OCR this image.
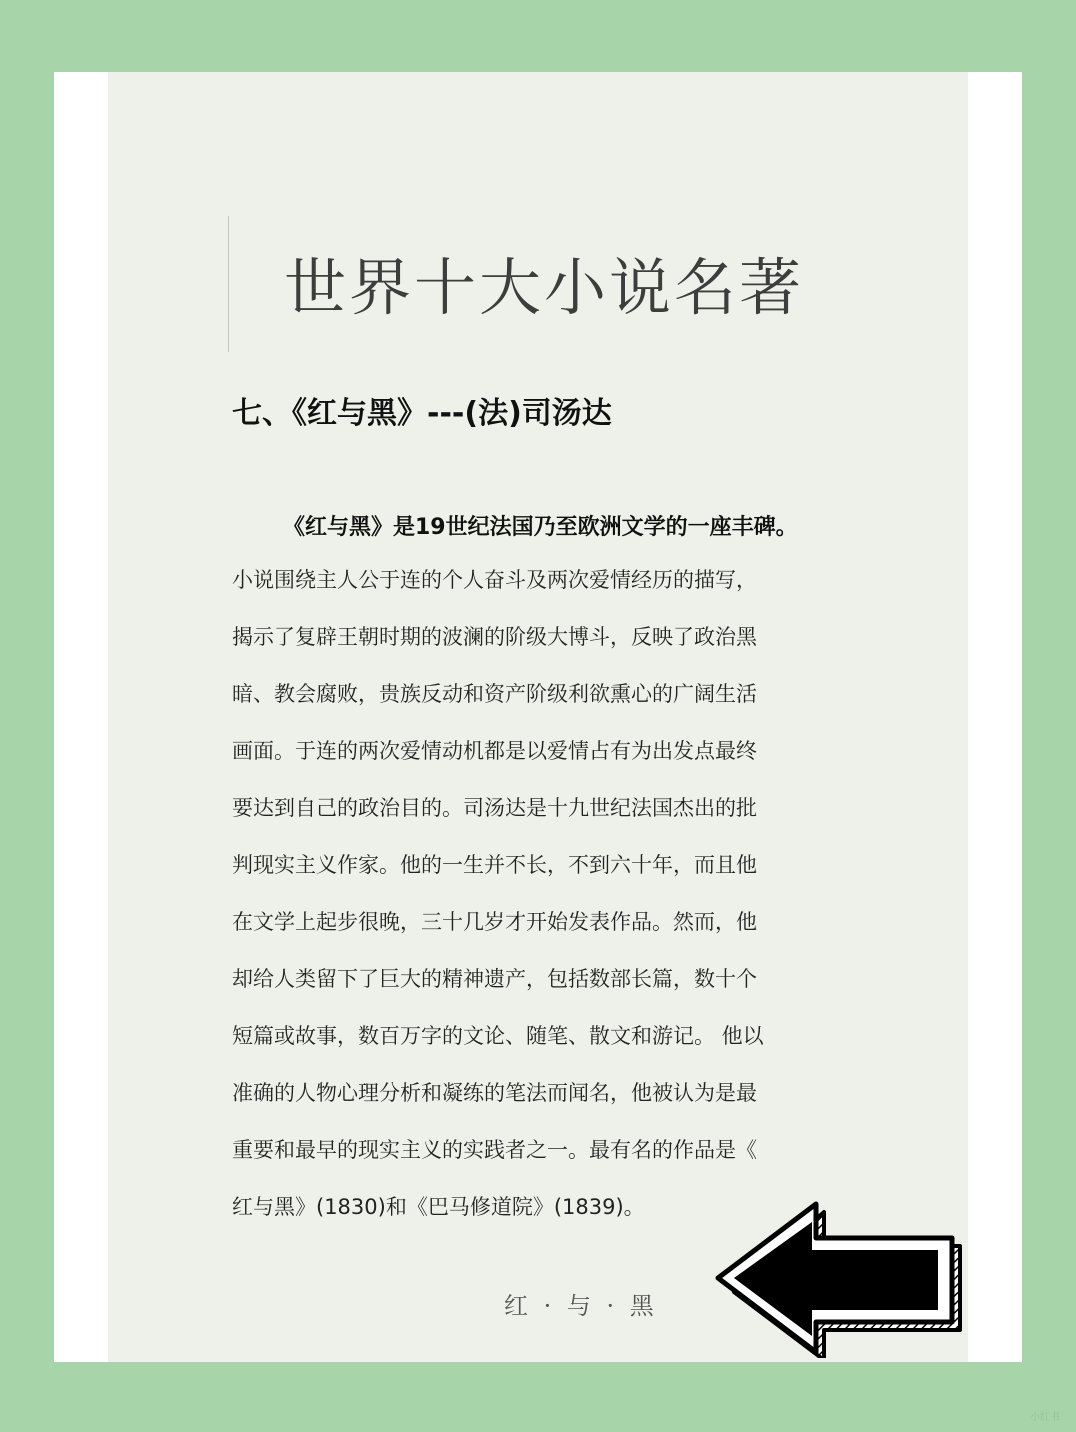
世界十大小说名著
七、《红与黑》---(法)司汤达
《红与黑》是19世纪法国乃至欧洲文学的一座丰碑。
小说围绕主人公于连的个人奋斗及两次爱情经历的描写，
揭示了复辟王朝时期的波澜的阶级大博斗，反映了政治黑
暗、教会腐败，贵族反动和资产阶级利欲熏心的广阔生活
画面。于连的两次爱情动机都是以爱情占有为出发点最终
要达到自己的政治目的。司汤达是十九世纪法国杰出的批
判现实主义作家。他的一生并不长，不到六十年，而且他
在文学上起步很晚，三十几岁才开始发表作品。然而，他
却给人类留下了巨大的精神遗产，包括数部长篇，数十个
短篇或故事，数百万字的文论、随笔、散文和游记。 他以
准确的人物心理分析和凝练的笔法而闻名，他被认为是最
重要和最早的现实主义的实践者之一。最有名的作品是《
红与黑》(1830)和《巴马修道院》(1839)。
红 · 与 · 黑
小红书
